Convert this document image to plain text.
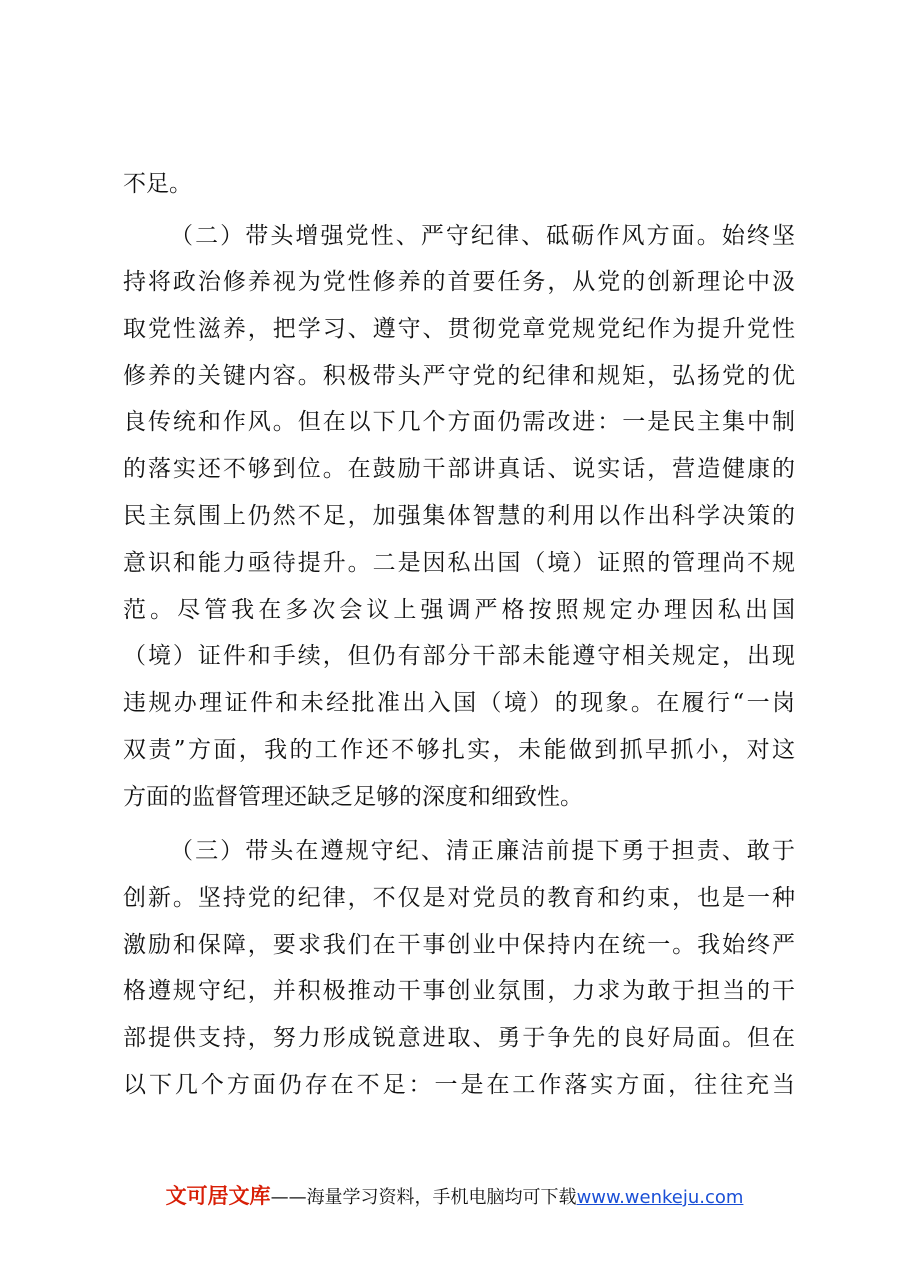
不足。
（二）带头增强党性、严守纪律、砥砺作风方面。始终坚
持将政治修养视为党性修养的首要任务，从党的创新理论中汲
取党性滋养，把学习、遵守、贯彻党章党规党纪作为提升党性
修养的关键内容。积极带头严守党的纪律和规矩，弘扬党的优
良传统和作风。但在以下几个方面仍需改进：一是民主集中制
的落实还不够到位。在鼓励干部讲真话、说实话，营造健康的
民主氛围上仍然不足，加强集体智慧的利用以作出科学决策的
意识和能力亟待提升。二是因私出国（境）证照的管理尚不规
范。尽管我在多次会议上强调严格按照规定办理因私出国
（境）证件和手续，但仍有部分干部未能遵守相关规定，出现
违规办理证件和未经批准出入国（境）的现象。在履行“一岗
双责”方面，我的工作还不够扎实，未能做到抓早抓小，对这
方面的监督管理还缺乏足够的深度和细致性。
（三）带头在遵规守纪、清正廉洁前提下勇于担责、敢于
创新。坚持党的纪律，不仅是对党员的教育和约束，也是一种
激励和保障，要求我们在干事创业中保持内在统一。我始终严
格遵规守纪，并积极推动干事创业氛围，力求为敢于担当的干
部提供支持，努力形成锐意进取、勇于争先的良好局面。但在
以下几个方面仍存在不足：一是在工作落实方面，往往充当
文可居文库——海量学习资料，手机电脑均可下载www.wenkeju.com
